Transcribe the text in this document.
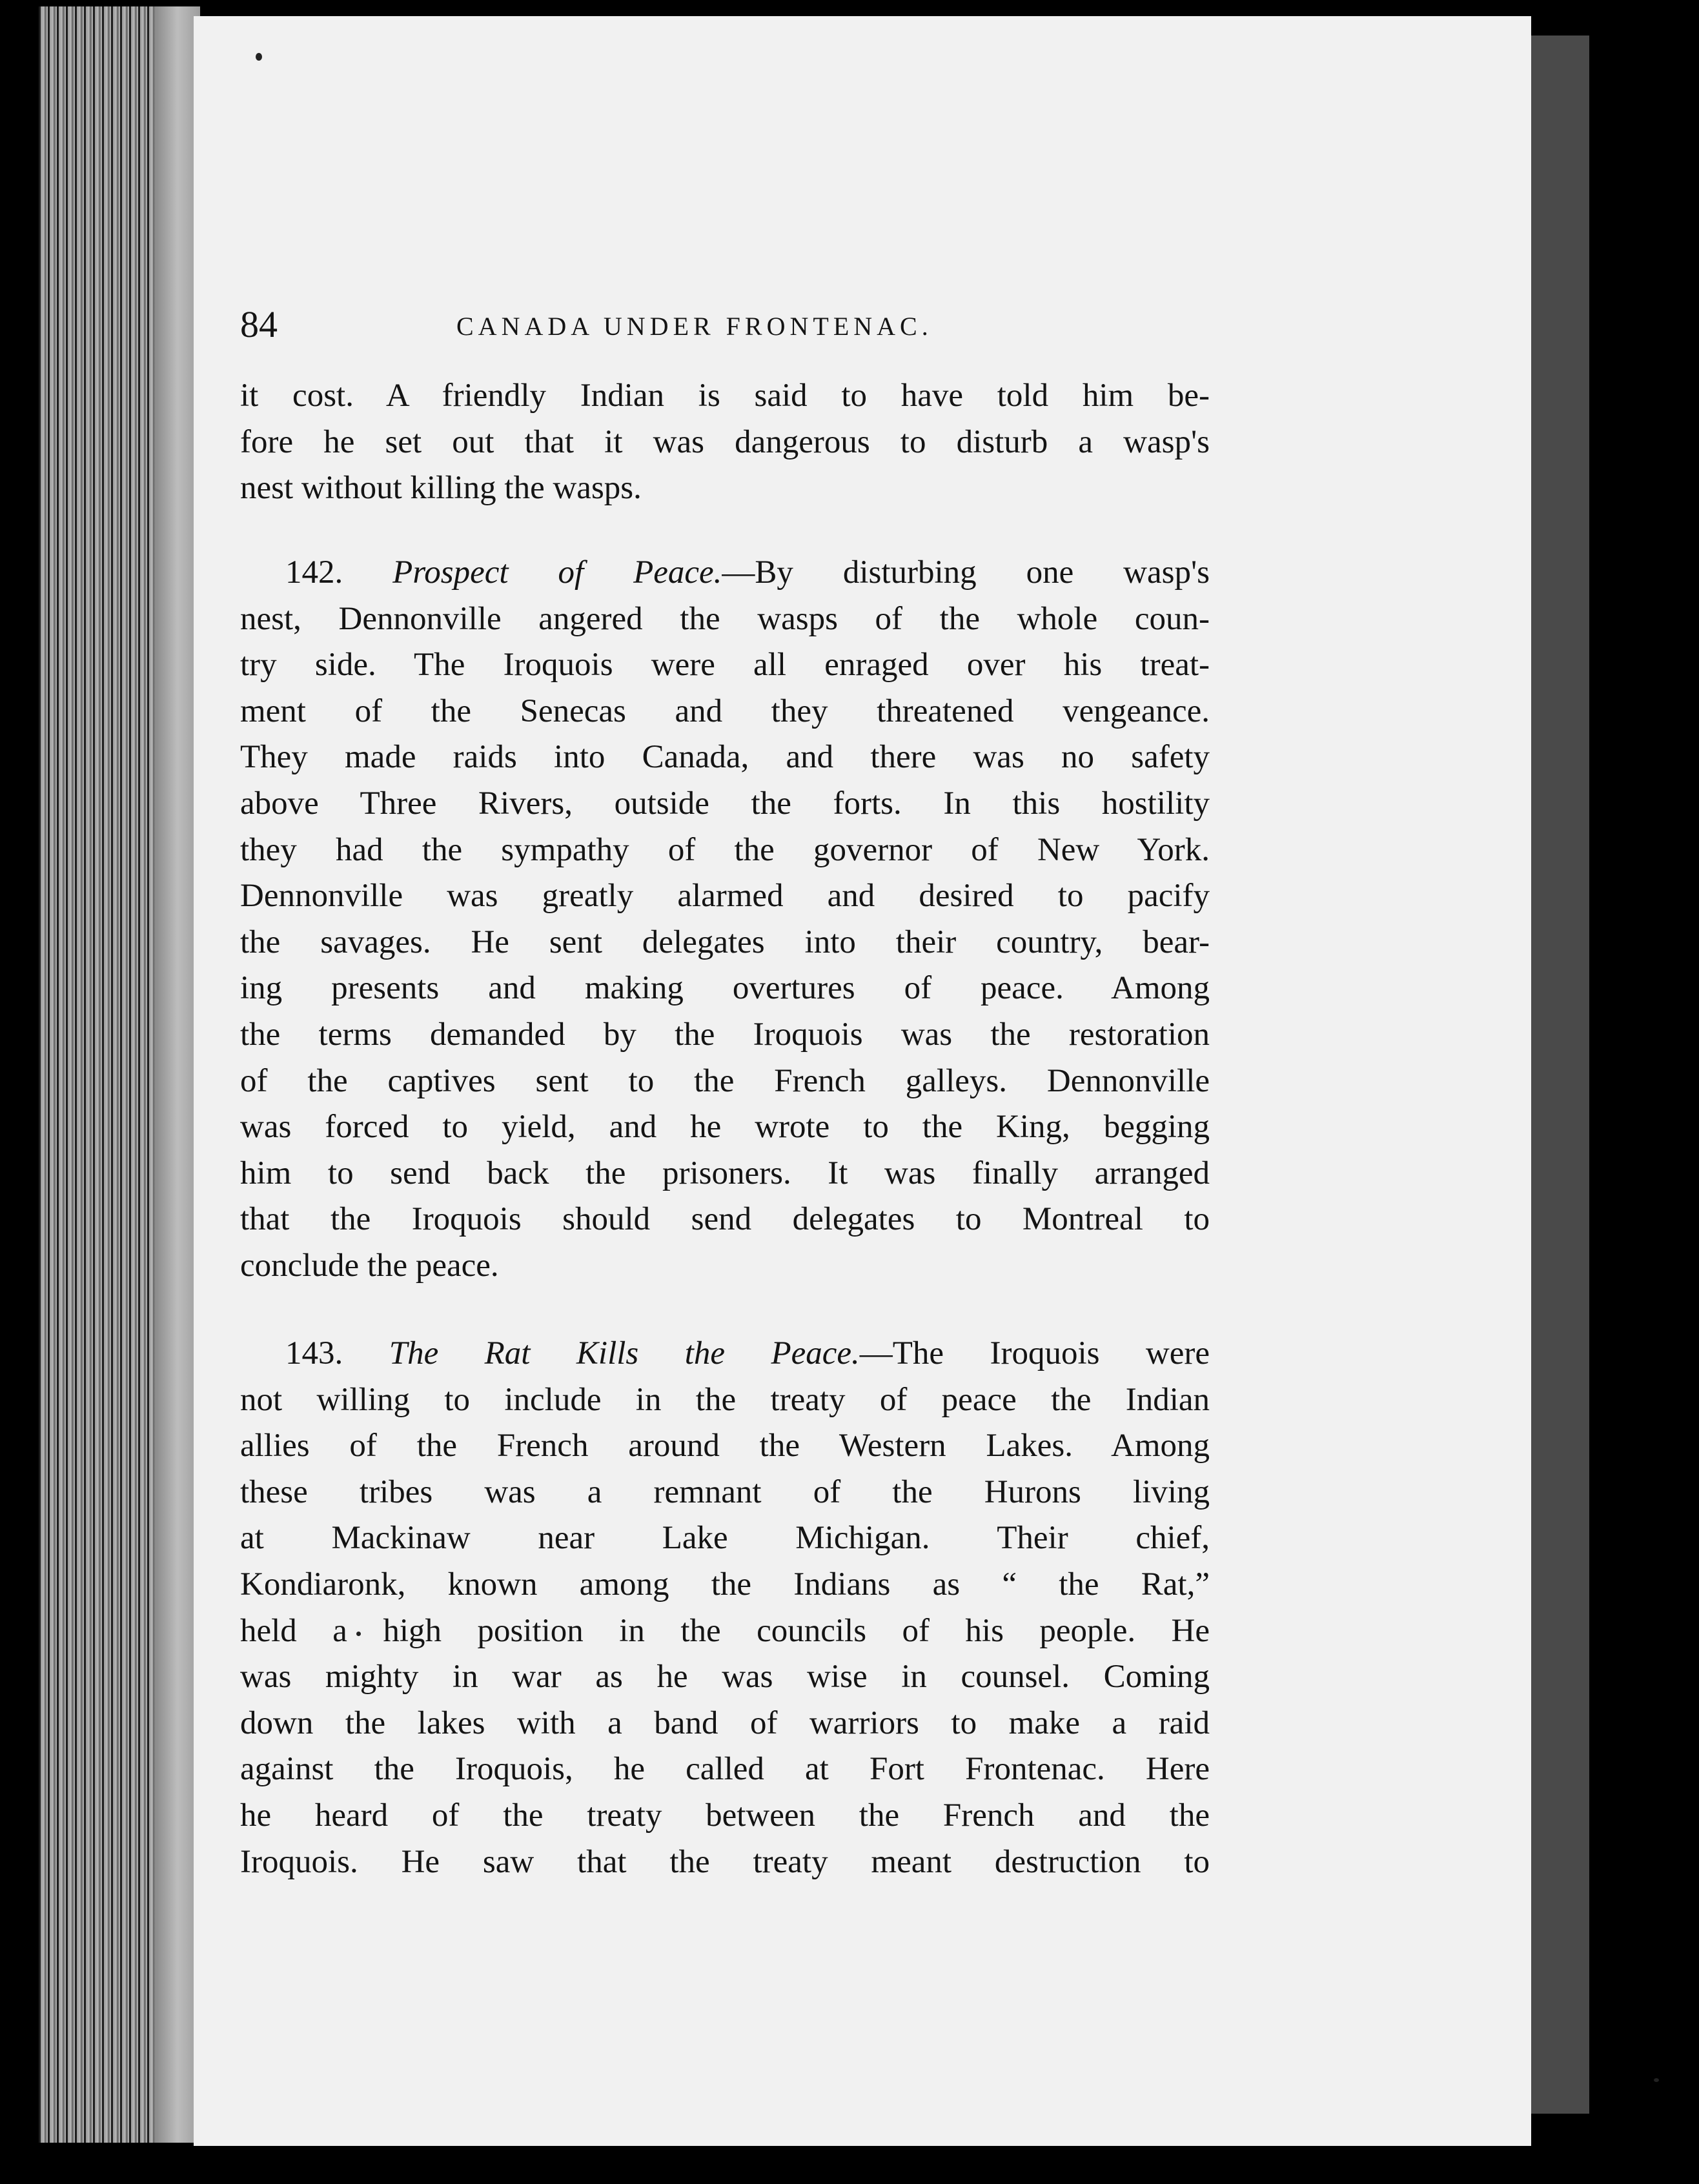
84	CANADA UNDER FRONTENAC.
it cost. A friendly Indian is said to have told him be-
fore he set out that it was dangerous to disturb a wasp's
nest without killing the wasps.
142. Prospect of Peace.—By disturbing one wasp's
nest, Dennonville angered the wasps of the whole coun-
try side. The Iroquois were all enraged over his treat-
ment of the Senecas and they threatened vengeance.
They made raids into Canada, and there was no safety
above Three Rivers, outside the forts. In this hostility
they had the sympathy of the governor of New York.
Dennonville was greatly alarmed and desired to pacify
the savages. He sent delegates into their country, bear-
ing presents and making overtures of peace. Among
the terms demanded by the Iroquois was the restoration
of the captives sent to the French galleys. Dennonville
was forced to yield, and he wrote to the King, begging
him to send back the prisoners. It was finally arranged
that the Iroquois should send delegates to Montreal to
conclude the peace.
143. The Rat Kills the Peace.—The Iroquois were
not willing to include in the treaty of peace the Indian
allies of the French around the Western Lakes. Among
these tribes was a remnant of the Hurons living
at Mackinaw near Lake Michigan. Their chief,
Kondiaronk, known among the Indians as “ the Rat,”
held a high position in the councils of his people. He
was mighty in war as he was wise in counsel. Coming
down the lakes with a band of warriors to make a raid
against the Iroquois, he called at Fort Frontenac. Here
he heard of the treaty between the French and the
Iroquois. He saw that the treaty meant destruction to
